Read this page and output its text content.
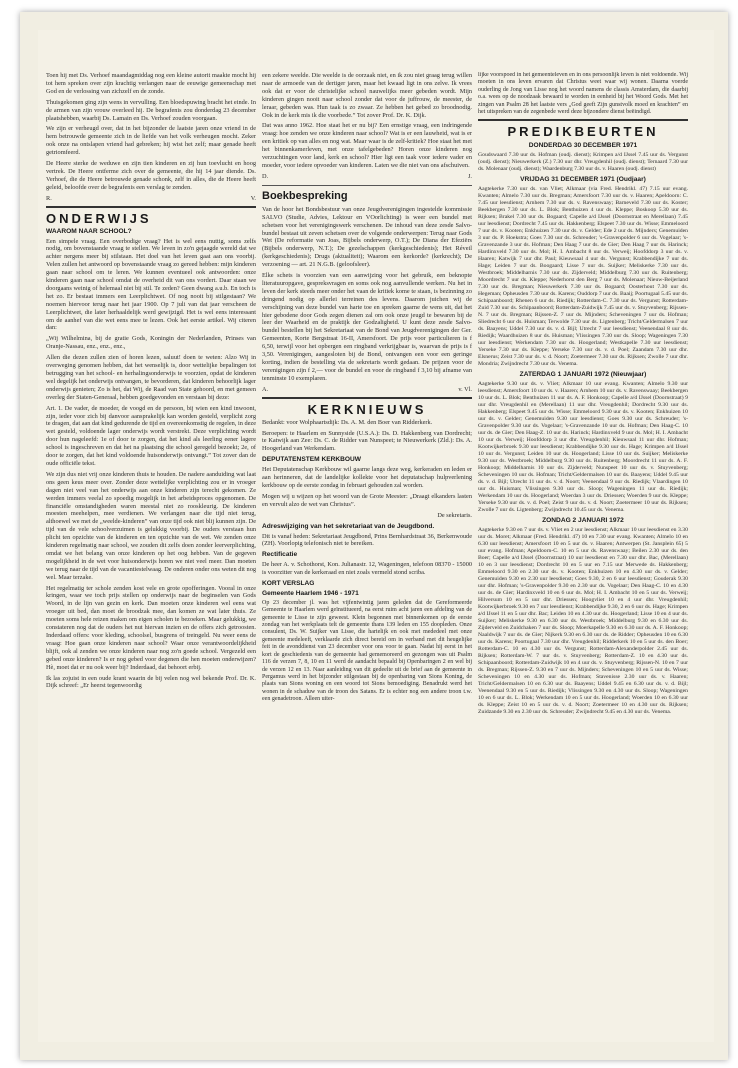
Toen hij met Ds. Verhoef maandagmiddag nog een kleine autorit maakte mocht hij tot hem spreken over zijn krachtig verlangen naar de eeuwige gemeenschap met God en de verlossing van zichzelf en de zonde.

Thuisgekomen ging zijn wens in vervulling. Een bloedspuwing bracht het einde. In de armen van zijn vrouw overleed hij. De begrafenis zou donderdag 23 december plaatshebben, waarbij Ds. Lamain en Ds. Verhoef zouden voorgaan.

We zijn er verheugd over, dat in het bijzonder de laatste jaren onze vriend in de hem betrouwde gemeente zich in de liefde van het volk verheugen mocht. Zeker ook onze na ontslapen vriend had gebreken; hij wist het zelf; maar genade heeft getriomfeerd.

De Heere sterke de weduwe en zijn tien kinderen en zij hun toevlucht en hoog vertrek. De Heere ontferme zich over de gemeente, die hij 14 jaar diende. Ds. Verhoef, die de Heere betrouwde genade schonk, zelf in alles, die de Heere heeft geleid, beloofde over de begrafenis een verslag te zenden.

R.	V.
ONDERWIJS
WAAROM NAAR SCHOOL?

Een simpele vraag. Een overbodige vraag? Het is wel eens nuttig, soms zelfs nodig, om bovenstaande vraag te stellen. We leven in zo'n gejaagde wereld dat we achter nergens meer bij stilstaan. Het doel van het leven gaat aan ons voorbij. Velen zullen het antwoord op bovenstaande vraag zo gereed hebben: mijn kinderen gaan naar school om te leren. We kunnen eventueel ook antwoorden: onze kinderen gaan naar school omdat de overheid dit van ons vordert. Daar staan we doorgaans weinig of helemaal niet bij stil. Te zeden? Geen dwang a.u.b. En toch is het zo. Er bestaat immers een Leerplichtwet. Of nog nooit bij stilgestaan? We noemen hiervoor terug naar het jaar 1900. Op 7 juli van dat jaar verscheen de Leerplichtwet, die later herhaaldelijk werd gewijzigd. Het is wel eens interessant om de aanhef van die wet eens mee te lezen. Ook het eerste artikel. Wij citeren dan:

„Wij Wilhelmina, bij de gratie Gods, Koningin der Nederlanden, Prinses van Oranje-Nassau, enz., enz., enz.,

Allen die dezen zullen zien of horen lezen, saluut! doen te weten: Alzo Wij in overweging genomen hebben, dat het wenselijk is, door wettelijke bepalingen tot betrugging van het school- en herhalingsonderwijs te voorzien, opdat de kinderen wel degelijk het onderwijs ontvangen, te bevorderen, dat kinderen behoorlijk lager onderwijs genieten; Zo is het, dat Wij, de Raad van State gehoord, en met gemeen overleg der Staten-Generaal, hebben goedgevonden en verstaan bij deze:

Art. 1. De vader, de moeder, de voogd en de persoon, bij wien een kind inwoont, zijn, ieder voor zich bij danvoor aansprakelijk kan worden gesteld, verplicht zorg te dragen, dat aan dat kind gedurende de tijd en overeenkomstig de regelen, in deze wet gesteld, voldoende lager onderwijs wordt verstrekt. Deze verplichting wordt door hun nageleefd: 1e of door te zorgen, dat het kind als leerling eener lagere school is ingeschreven en dat het na plaatsing die school geregeld bezoekt; 2e, of door te zorgen, dat het kind voldoende huisonderwijs ontvangt.” Tot zover dan de oude officiële tekst.

We zijn dus niet vrij onze kinderen thuis te houden. De nadere aanduiding wat laat ons geen keus meer over. Zonder deze wettelijke verplichting zou er in vroeger dagen niet veel van het onderwijs aan onze kinderen zijn terecht gekomen. Ze werden immers veelal zo spoedig mogelijk in het arbeidsproces opgenomen. De financiële omstandigheden waren meestal niet zo rooskleurig. De kinderen moesten meehelpen, mee verdienen. We verlangen naar die tijd niet terug, althoewel we met de „weelde-kinderen” van onze tijd ook niet blij kunnen zijn. De tijd van de vele schoolverzuimen is gelukkig voorbij. De ouders verstaan hun plicht ten opzichte van de kinderen en ten opzichte van de wet. We zenden onze kinderen regelmatig naar school, we zouden dit zelfs doen zonder leerverplichting, omdat we het belang van onze kinderen op het oog hebben. Van de gegeven mogelijkheid in de wet voor huisonderwijs horen we niet veel meer. Dan moeten we terug naar de tijd van de vacantiestelwaag. De onderen onder ons weten dit nog wel. Maar terzake.

Het regelmatig ter schole zenden kost vele en grote opofferingen. Vooral in onze kringen, waar we toch prijs stellen op onderwijs naar de beginselen van Gods Woord, in de lijn van gezin en kerk. Dan moeten onze kinderen wel eens wat vroeger uit bed, dan moet de broodzak mee, dan komen ze wat later thuis. Ze moeten soms hele reizen maken om eigen scholen te bezoeken. Maar gelukkig, we constateren nog dat de ouders het nut hiervan inzien en de offers zich getroosten. Inderdaad offers: voor kleding, schoolsel, busgrens of treingeld. Nu weer eens de vraag: Hoe gaan onze kinderen naar school? Waar onze verantwoordelijkheid blijft, ook al zenden we onze kinderen naar nog zo'n goede school. Vergezeld een gebed onze kinderen? Is er nog gebed voor degenen die hen moeten onderwijzen? Hè, moet dat er nu ook weer bij? Inderdaad, dat behoort erbij.

Ik las zojuist in een oude krant waarin de bij velen nog wel bekende Prof. Dr. K. Dijk schreef: „Er heerst tegenwoordig

een zekere weelde. Die weelde is de oorzaak niet, en ik zou niet graag terug willen naar de armoede van de dertiger jaren, maar het kwaad ligt in ons zelve. Ik vrees ook dat er voor de christelijke school nauwelijks meer gebeden wordt. Mijn kinderen gingen nooit naar school zonder dat voor de juffrouw, de meester, de leraar, gebeden was. Hun taak is zo zwaar. Ze hebben het gebed zo broodnodig. Ook in de kerk mis ik die voorbede.” Tot zover Prof. Dr. K. Dijk.

Dat was anno 1962. Hoe staat het er nu bij? Een ernstige vraag, een indringende vraag: hoe zenden we onze kinderen naar school? Wat is er een lauwheid, wat is er een kritiek op van alles en nog wat. Maar waar is de zelf-kritiek? Hoe staat het met het binnenkamerleven, met onze tafelgebeden? Horen onze kinderen nog verzuchtingen voor land, kerk en school? Hier ligt een taak voor iedere vader en moeder, voor iedere opvoeder van kinderen. Laten we die niet van ons afschuiven.

D.	J.
Boekbespreking

Van de hoor het Bondsbestuur van onze Jeugdverenigingen ingestelde kommissie SALVO (Studie, Advies, Lektour en VOorlichting) is weer een bundel met schetsen voor het verenigingswerk verschenen. De inhoud van deze zesde Salvo-bundel bestaat uit zeven schetsen over de volgende onderwerpen: Terug naar Gods Wet (De reformatie van Joas, Bijbels onderwerp, O.T.); De Diana der Efeziërs (Bijbels onderwerp, N.T.); De gezelschappen (kerkgeschiedenis); Het Réveil (kerkgeschiedenis); Drugs (aktualiteit); Waarom een kerkorde? (kerkrecht); De verzoening — art. 21 N.G.B. (geloofsleer).

Elke schets is voorzien van een aanwijzing voor het gebruik, een beknopte literatuuropgave, gespreksvragen en soms ook nog aanvullende werken. Nu het in leven der kerk steeds meer onder het vaan de kritiek kome te staan, is bezinning zo dringend nodig op allerlei terreinen des levens. Daarom juichen wij de verschijning van deze bundel van harte toe en spreken gaarne de wens uit, dat het hier gebodene door Gods zegen dienen zal om ook onze jeugd te bewaren bij de leer der Waarheid en de praktijk der Godzaligheid. U kunt deze zesde Salvo-bundel bestellen bij het Sekretariaat van de Bond van Jeugdverenigingen der Ger. Gemeenten, Korte Bergstraat 16-II, Amersfoort. De prijs voor particulieren is f 6,50, terwijl voor het opbergen een ringband verkrijgbaar is, waarvan de prijs is f 3,50. Verenigingen, aangesloten bij de Bond, ontvangen een voor een geringe korting, indien de bestelling via de sekretaris wordt gedaan. De prijzen voor de verenigingen zijn f 2,— voor de bundel en voor de ringband f 3,10 bij afname van tenminste 10 exemplaren.

A.	v. Vl.
KERKNIEUWS

Bedankt: voor Wolphaartsdijk: Ds. A. M. den Boer van Ridderkerk.

Beroepen: te Haarlem en Sunnyside (U.S.A.): Ds. D. Hakkenberg van Dordrecht; te Katwijk aan Zee: Ds. C. de Ridder van Nunspeet; te Nieuwerkerk (Zld.): Ds. A. Hoogerland van Werkendam.

DEPUTATENSTEM KERKBOUW

Het Deputatenschap Kerkbouw wil gaarne langs deze weg, kerkeraden en leden er aan herinneren, dat de landelijke kollekte voor het deputatschap hulpverlening kerkbouw op de eerste zondag in februari gehouden zal worden.

Mogen wij u wijzen op het woord van de Grote Meester: „Draagt elkanders lasten en vervult alzo de wet van Christus”.

De sekretaris.

Adreswijziging van het sekretariaat van de Jeugdbond.

Dit is vanaf heden: Sekretariaat Jeugdbond, Prins Bernhardstraat 36, Berkenwoude (ZH). Voorlopig telefonisch niet te bereiken.

Rectificatie

De heer A. v. Schothorst, Kon. Julianastr. 12, Wageningen, telefoon 08370 - 15000 is voorzitter van de kerkeraad en niet zoals vermeld stond scriba.

KORT VERSLAG
Gemeente Haarlem 1946 - 1971

Op 23 december jl. was het vijfentwintig jaren geleden dat de Gereformeerde Gemeente te Haarlem werd geïnstitueerd, na eerst ruim acht jaren een afdeling van de gemeente te Lisse te zijn geweest. Klein begonnen met binnenkomen op de eerste zondag van het werkplaats telt de gemeente thans 139 leden en 155 doopleden. Onze consulent, Ds. W. Suijker van Lisse, die hartelijk en ook met mededeel met onze gemeente medeleeft, verklaarde zich direct bereid om in verband met dit heugelijke feit in de avonddienst van 23 december voor ons voor te gaan. Nadat hij eerst in het kort de geschiedenis van de gemeente had gememoreerd en gezongen was uit Psalm 116 de verzen 7, 8, 10 en 11 werd de aandacht bepaald bij Openbaringen 2 en wel bij de verzen 12 en 13. Naar aanleiding van dit gedeelte uit de brief aan de gemeente in Pergamus werd in het bijzonder stilgestaan bij de openbaring van Sions Koning, de plaats van Sions woning en een woord tot Sions bemoediging. Benadrukt werd het wonen in de schaduw van de troon des Satans. Er is echter nog een andere troon t.w. een genadetroon. Alleen uiter-

lijke voorspoed in het gemeenteleven en in ons persoonlijk leven is niet voldoende. Wij moeten in ons leven ervaren dat Christus weet waar wij wonen. Daarna voerde ouderling de Jong van Lisse nog het woord namens de classis Amsterdam, die daarbij o.a. wees op de noodzaak bewaard te worden in eenheid bij het Woord Gods. Met het zingen van Psalm 28 het laatste vers „God geeft Zijn gunstvolk moed en krachten” en het uitspreken van de zegenbede werd deze bijzondere dienst beëindigd.

PREDIKBEURTEN
DONDERDAG 30 DECEMBER 1971

Goudswaard 7.30 uur ds. Hofman (oudj. dienst); Krimpen a/d IJssel 7.45 uur ds. Vergunst (oudj. dienst); Nieuwerkerk (Z.) 7.30 uur dhr. Vreugdenhil (oudj. dienst); Ternaard 7.30 uur ds. Molenaar (oudj. dienst); Waardenburg 7.30 uur ds. v. Haaren (oudj. dienst)

VRIJDAG 31 DECEMBER 1971 (Oudjaar)

Aagtekerke 7.30 uur ds. van Vliet; Alkmaar (via Fred. Hendrikl. 47) 7.15 uur evang. Kwanten; Almelo 7.30 uur ds. Bregman; Amersfoort 7.30 uur ds. v. Haaren; Apeldoorn: C. 7.45 uur leesdienst; Arnhem 7.30 uur ds. v. Ravenswaay; Barneveld 7.30 uur ds. Koster; Beekbergen 7.30 uur ds. L. Blok; Benthuizen 4 uur ds. Kleppe; Boskoop 5.30 uur ds. Rijksen; Brakel 7.30 uur ds. Bogaard; Capelle a/d IJssel (Doornstraat en Merellaan) 7.45 uur leesdienst; Dordrecht 7.45 uur ds. Hakkenberg; Elspeet 7.30 uur ds. Wisse; Emmeloord 7 uur ds. v. Kooten; Enkhuizen 7.30 uur ds. v. Gelder; Ede 2 uur ds. Mijnders; Genemuiden 3 uur ds. P. Hoekstra; Goes 7.30 uur ds. Schreuder; 's-Gravenpolder 6 uur ds. Vogelaar; 's-Gravenzande 3 uur ds. Hofman; Den Haag 7 uur ds. de Gier; Den Haag 7 uur ds. Harinck; Hardinxveld 7.30 uur ds. Mol; H. I. Ambacht 8 uur ds. Verweij; Hoofddorp 3 uur ds. v. Haaren; Katwijk 7 uur dhr. Paul; Kieuwsaal 4 uur ds. Vergunst; Krabbendijke 7 uur ds. Hage; Leiden 7 uur ds. Boogaard; Lisse 7 uur ds. Suijker; Meliskerke 7.30 uur ds. Westbroek; Middelharnis 7.30 uur ds. Zijderveld; Middelburg 7.30 uur ds. Ruitenberg; Moordrecht 7 uur ds. Kleppe; Nederhorst den Berg 7 uur ds. Molenaar; Nieuw-Beijerland 7.30 uur ds. Bregman; Nieuwerkerk 7.30 uur ds. Bogaard; Oosterhout 7.30 uur ds. Hegeman; Opheusden 7.30 uur ds. Karens; Ouddorp 7 uur ds. Baaij; Poortugaal 5.45 uur ds. Schipaanboord; Rhenen 6 uur ds. Riedijk; Rotterdam-C. 7.30 uur ds. Vergunst; Rotterdam-Zuid 7.30 uur ds. Schipaanboord; Rotterdam-Zuidwijk 7.45 uur ds. v. Stuyvenberg; Rijssen-N. 7 uur ds. Bregman; Rijssen-Z. 7 uur ds. Mijnders; Scheveningen 7 uur ds. Hofman; Sliedrecht 6 uur ds. Huisman; Terwolde 7.30 uur ds. Ligtenberg; Tricht/Geldermalsen 7 uur ds. Baayens; Uddel 7.30 uur ds. v. d. Bijl; Utrecht 7 uur leesdienst; Veenendaal 8 uur ds. Riedijk; Waardhuizen 8 uur ds. Huisman; Vlissingen 7.30 uur ds. Sloop; Wageningen 7.30 uur leesdienst; Werkendam 7.30 uur ds. Hoogerland; Westkapelle 7.30 uur leesdienst; Yerseke 7.30 uur ds. Kleppe; Yerseke 7.30 uur ds. v. d. Poel; Zaandam 7.30 uur dhr. Elsnerus; Zeist 7.30 uur ds. v. d. Noort; Zoetermeer 7.30 uur ds. Rijksen; Zwolle 7 uur dhr. Mondria; Zwijndrecht 7.30 uur ds. Venema.

ZATERDAG 1 JANUARI 1972 (Nieuwjaar)

Aagtekerke 9.30 uur ds. v. Vliet; Alkmaar 10 uur evang. Kwanten; Almelo 9.30 uur leesdienst; Amersfoort 10 uur ds. v. Haaren; Arnhem 10 uur ds. v. Ravenswaay; Beekbergen 10 uur ds. L. Blok; Benthuizen 11 uur ds. A. F. Honkoop; Capelle a/d IJssel (Doornstraat) 9 uur dhr. Vreugdenhil en (Merellaan) 11 uur dhr. Vreugdenhil; Dordrecht 9.30 uur ds. Hakkenberg; Elspeet 9.45 uur ds. Wisse; Emmeloord 9.30 uur ds. v. Kooten; Enkhuizen 10 uur ds. v. Gelder; Genemuiden 9.30 uur leesdienst; Goes 9.30 uur ds. Schreuder; 's-Gravenpolder 9.30 uur ds. Vogelaar; 's-Gravenzande 10 uur ds. Hofman; Den Haag-C. 10 uur ds. de Gier; Den Haag-Z. 10 uur ds. Harinck; Hardinxveld 9 uur ds. Mol; H. I. Ambacht 10 uur ds. Verweij; Hoofddorp 3 uur dhr. Vreugdenhil; Kieuwsaal 11 uur dhr. Hofman; Kootwijkerbroek 9.30 uur leesdienst; Krabbendijke 9.30 uur ds. Hage; Krimpen a/d IJssel 10 uur ds. Vergunst; Leiden 10 uur ds. Hoogerland; Lisse 10 uur ds. Suijker; Meliskerke 9.30 uur ds. Westbroek; Middelburg 9.30 uur ds. Ruitenberg; Moordrecht 11 uur ds. A. F. Honkoop; Middelharnis 10 uur ds. Zijderveld; Nunspeet 10 uur ds. v. Stuyvenberg; Scheveningen 10 uur ds. Hofman; Tricht/Geldermalsen 10 uur ds. Baayens; Uddel 9.45 uur ds. v. d. Bijl; Utrecht 11 uur ds. v. d. Noort; Veenendaal 9 uur ds. Riedijk; Vlaardingen 10 uur ds. Huisman; Vlissingen 9.30 uur ds. Sloop; Wageningen 11 uur ds. Riedijk; Werkendam 10 uur ds. Hoogerland; Woerdan 3 uur ds. Driessen; Woerden 9 uur ds. Kleppe; Yerseke 9.30 uur ds. v. d. Poel; Zeist 9 uur ds. v. d. Noort; Zoetermeer 10 uur ds. Rijksen; Zwolle 7 uur ds. Ligtenberg; Zwijndrecht 10.45 uur ds. Venema.

ZONDAG 2 JANUARI 1972

Aagtekerke 9.30 en 7 uur ds. v. Vliet en 2 uur leesdienst; Alkmaar 10 uur leesdienst en 3.30 uur ds. Moret; Alkmaar (Fred. Hendrikl. 47) 10 en 7.30 uur evang. Kwanten; Almelo 10 en 6.30 uur leesdienst; Amersfoort 10 en 5 uur ds. v. Haaren; Antwerpen (St. Jansplein 65) 5 uur evang. Hofman; Apeldoorn-C. 10 en 5 uur ds. Ravenswaay; Beilen 2.30 uur ds. den Boer; Capelle a/d IJssel (Doornstraat) 10 uur leesdienst en 7.30 uur dhr. Bac, (Merellaan) 10 en 3 uur leesdienst; Dordrecht 10 en 5 uur en 7.15 uur Merwede ds. Hakkenberg; Emmeloord 9.30 en 2.30 uur ds. v. Kooten; Enkhuizen 10 en 4.30 uur ds. v. Gelder; Genemuiden 9.30 en 2.30 uur leesdienst; Goes 9.30, 2 en 6 uur leesdienst; Gouderak 9.30 uur dhr. Hofman; 's-Gravenpolder 9.30 en 2.30 uur ds. Vogelaar; Den Haag-C. 10 en 4.30 uur ds. de Gier; Hardinxveld 10 en 6 uur ds. Mol; H. I. Ambacht 10 en 5 uur ds. Verweij; Hilversum 10 en 5 uur dhr. Driessen; Hoogvliet 10 en 4 uur dhr. Vreugdenhil; Kootwijkerbroek 9.30 en 7 uur leesdienst; Krabbendijke 9.30, 2 en 6 uur ds. Hage; Krimpen a/d IJssel 11 en 5 uur dhr. Bac; Leiden 10 en 4.30 uur ds. Hoogerland; Lisse 10 en 4 uur ds. Suijker; Meliskerke 9.30 en 6.30 uur ds. Westbroek; Middelburg 9.30 en 6.30 uur ds. Zijderveld en Zuidchaken 7 uur ds. Sloop; Moerkapelle 9.30 en 6.30 uur ds. A. F. Honkoop; Naaldwijk 7 uur ds. de Gier; Nijkerk 9.30 en 6.30 uur ds. de Ridder; Opheusden 10 en 6.30 uur ds. Karens; Poortugaal 7.30 uur dhr. Vreugdenhil; Ridderkerk 10 en 5 uur ds. den Boer; Rotterdam-C. 10 en 4.30 uur ds. Vergunst; Rotterdam-Alexanderpolder 2.45 uur ds. Rijksen; Rotterdam-W. 7 uur ds. v. Stuyvenberg; Rotterdam-Z. 10 en 4.30 uur ds. Schipaanboord; Rotterdam-Zuidwijk 10 en 4 uur ds. v. Stuyvenberg; Rijssen-N. 10 en 7 uur ds. Bregman; Rijssen-Z. 9.30 en 7 uur ds. Mijnders; Scheveningen 10 en 5 uur ds. Wisse; Scheveningen 10 en 4.30 uur ds. Hofman; Stavenisse 2.30 uur ds. v. Haaren; Tricht/Geldermalsen 10 en 6.30 uur ds. Baayens; Uddel 9.45 en 6.30 uur ds. v. d. Bijl; Veenendaal 9.30 en 5 uur ds. Riedijk; Vlissingen 9.30 en 4.30 uur ds. Sloop; Wageningen 10 en 6 uur ds. L. Blok; Werkendam 10 en 5 uur ds. Hoogerland; Woerden 10 en 6.30 uur ds. Kleppe; Zeist 10 en 5 uur ds. v. d. Noort; Zoetermeer 10 en 4.30 uur ds. Rijksen; Zuidzande 9.30 en 2.30 uur ds. Schreuder; Zwijndrecht 9.45 en 4.30 uur ds. Venema.
